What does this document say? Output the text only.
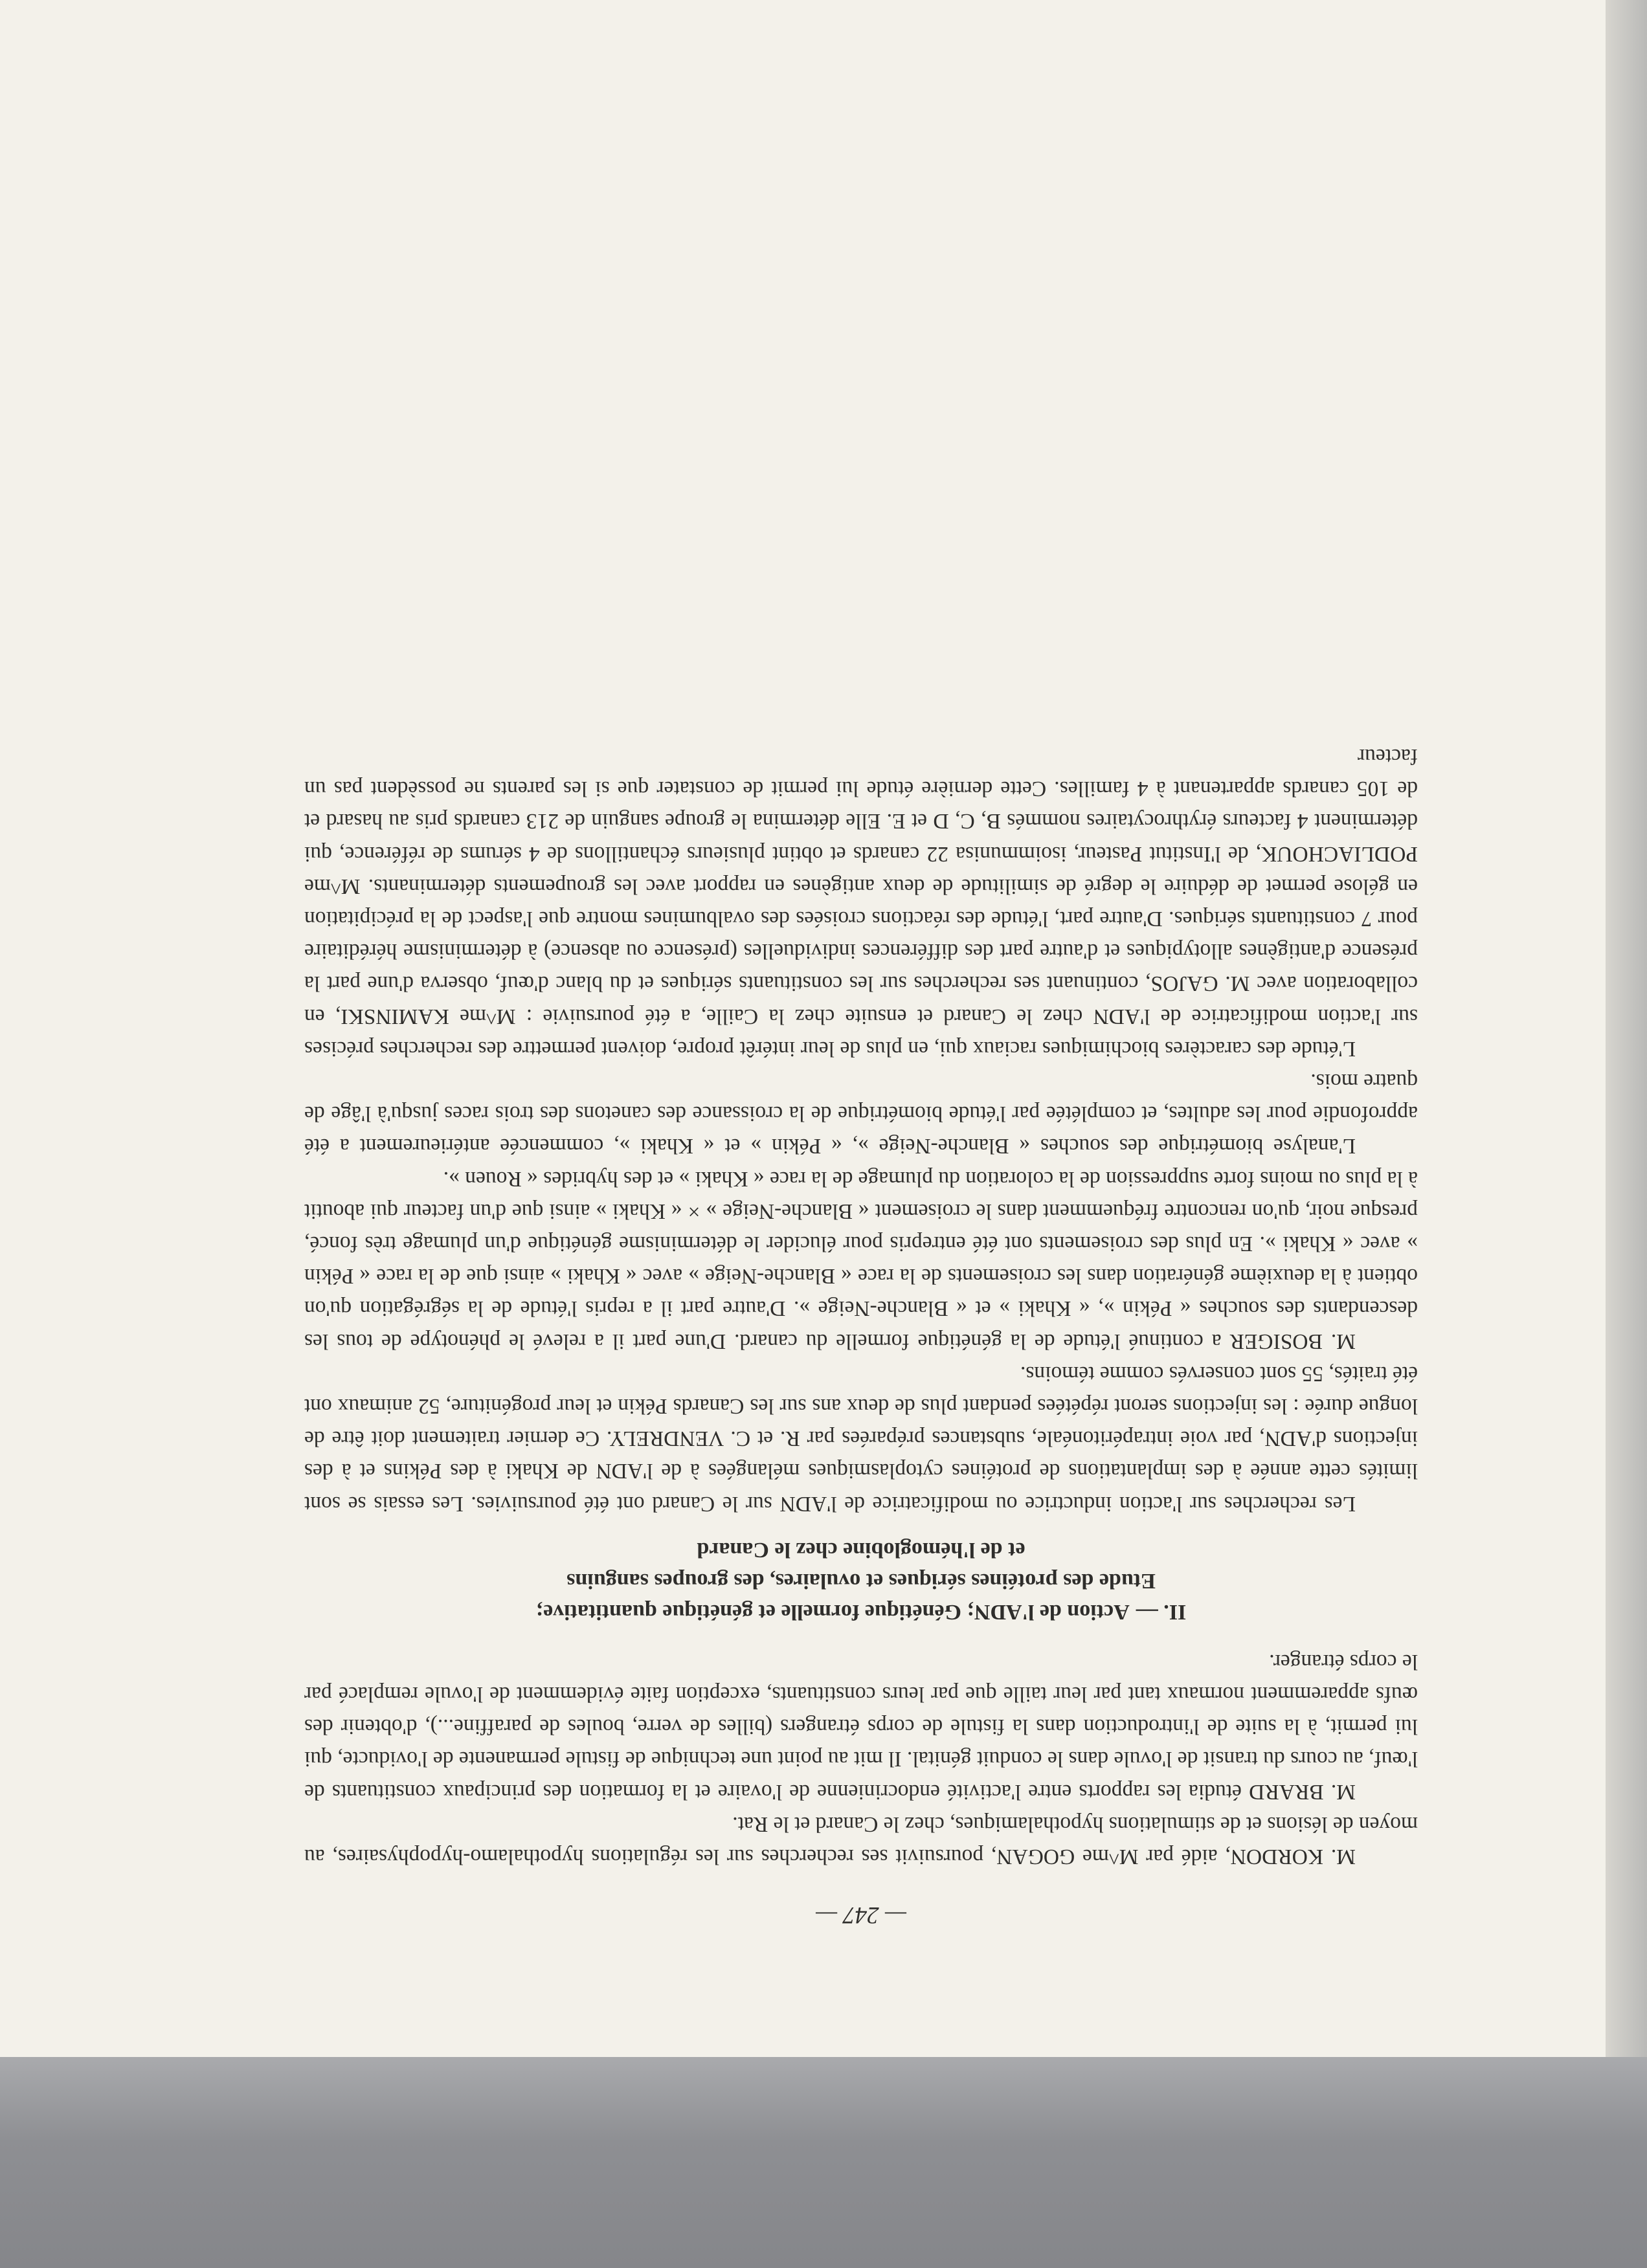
— 247 —

M. KORDON, aidé par M^me GOGAN, poursuivit ses recherches sur les régulations hypothalamo-hypophysaires, au moyen de lésions et de stimulations hypothalamiques, chez le Canard et le Rat.

M. BRARD étudia les rapports entre l'activité endocrinienne de l'ovaire et la formation des principaux constituants de l'œuf, au cours du transit de l'ovule dans le conduit génital. Il mit au point une technique de fistule permanente de l'oviducte, qui lui permit, à la suite de l'introduction dans la fistule de corps étrangers (billes de verre, boules de paraffine...), d'obtenir des œufs apparemment normaux tant par leur taille que par leurs constituants, exception faite évidemment de l'ovule remplacé par le corps étranger.

II. —Action de l'ADN; Génétique formelle et génétique quantitative;
Etude des protéines sériques et ovulaires, des groupes sanguins
et de l'hémoglobine chez le Canard

Les recherches sur l'action inductrice ou modificatrice de l'ADN sur le Canard ont été poursuivies. Les essais se sont limités cette année à des implantations de protéines cytoplasmiques mélangées à de l'ADN de Khaki à des Pékins et à des injections d'ADN, par voie intrapéritonéale, substances préparées par R. et C. VENDRELY. Ce dernier traitement doit être de longue durée : les injections seront répétées pendant plus de deux ans sur les Canards Pékin et leur progéniture, 52 animaux ont été traités, 55 sont conservés comme témoins.

M. BOSIGER a continué l'étude de la génétique formelle du canard. D'une part il a relevé le phénotype de tous les descendants des souches « Pékin », « Khaki » et « Blanche-Neige ». D'autre part il a repris l'étude de la ségrégation qu'on obtient à la deuxième génération dans les croisements de la race « Blanche-Neige » avec « Khaki » ainsi que de la race « Pékin » avec « Khaki ». En plus des croisements ont été entrepris pour élucider le déterminisme génétique d'un plumage très foncé, presque noir, qu'on rencontre fréquemment dans le croisement « Blanche-Neige » × « Khaki » ainsi que d'un facteur qui aboutit à la plus ou moins forte suppression de la coloration du plumage de la race « Khaki » et des hybrides « Rouen ».

L'analyse biométrique des souches « Blanche-Neige », « Pékin » et « Khaki », commencée antérieurement a été approfondie pour les adultes, et complétée par l'étude biométrique de la croissance des canetons des trois races jusqu'à l'âge de quatre mois.

L'étude des caractères biochimiques raciaux qui, en plus de leur intérêt propre, doivent permettre des recherches précises sur l'action modificatrice de l'ADN chez le Canard et ensuite chez la Caille, a été poursuivie : M^me KAMINSKI, en collaboration avec M. GAJOS, continuant ses recherches sur les constituants sériques et du blanc d'œuf, observa d'une part la présence d'antigènes allotypiques et d'autre part des différences individuelles (présence ou absence) à déterminisme héréditaire pour 7 constituants sériques. D'autre part, l'étude des réactions croisées des ovalbumines montre que l'aspect de la précipitation en gélose permet de déduire le degré de similitude de deux antigènes en rapport avec les groupements déterminants. M^me PODLIACHOUK, de l'Institut Pasteur, isoimmunisa 22 canards et obtint plusieurs échantillons de 4 sérums de référence, qui déterminent 4 facteurs érythrocytaires nommés B, C, D et E. Elle détermina le groupe sanguin de 213 canards pris au hasard et de 105 canards appartenant à 4 familles. Cette dernière étude lui permit de constater que si les parents ne possèdent pas un facteur
